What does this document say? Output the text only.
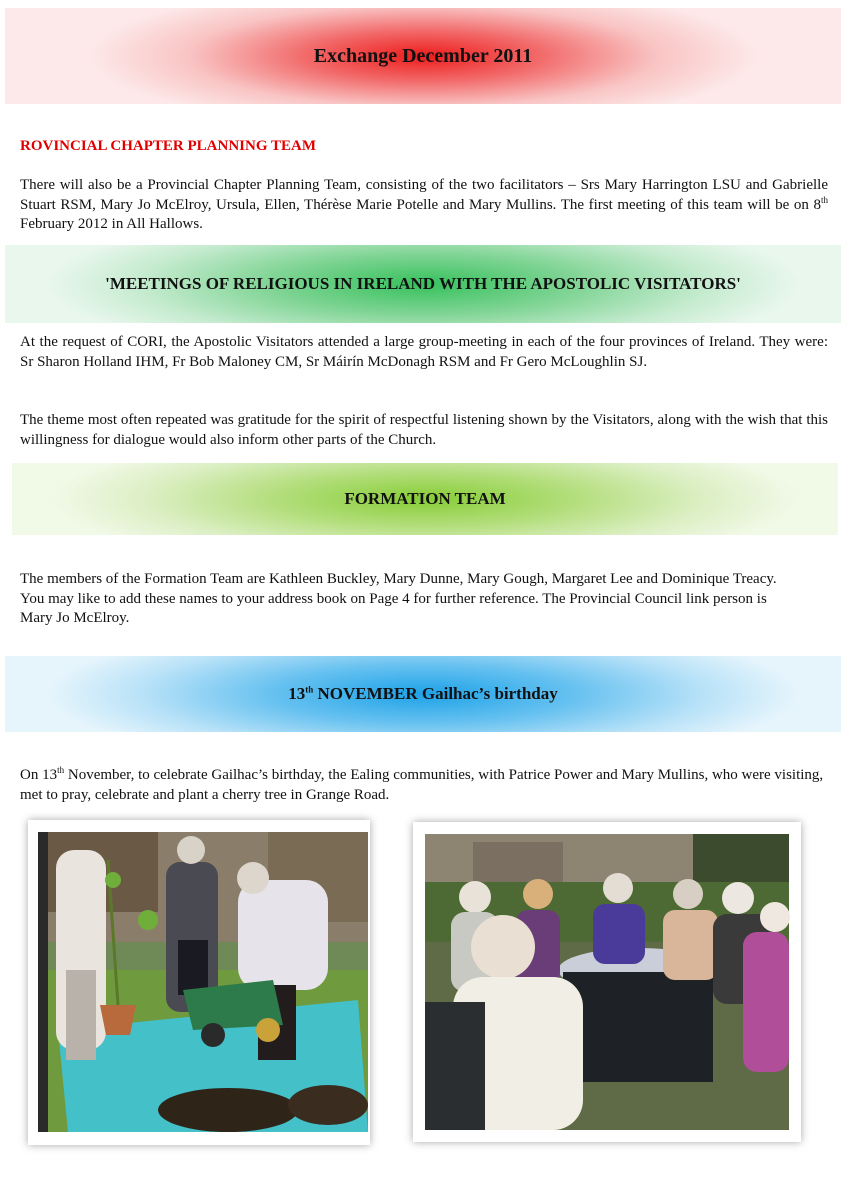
Exchange December 2011
ROVINCIAL CHAPTER PLANNING TEAM

There will also be a Provincial Chapter Planning Team, consisting of the two facilitators – Srs Mary Harrington LSU and Gabrielle Stuart RSM, Mary Jo McElroy, Ursula, Ellen, Thérèse Marie Potelle and Mary Mullins. The first meeting of this team will be on 8th February 2012 in All Hallows.

'MEETINGS OF RELIGIOUS IN IRELAND WITH THE APOSTOLIC VISITATORS'

At the request of CORI, the Apostolic Visitators attended a large group-meeting in each of the four provinces of Ireland. They were: Sr Sharon Holland IHM, Fr Bob Maloney CM, Sr Máirín McDonagh RSM and Fr Gero McLoughlin SJ.

The theme most often repeated was gratitude for the spirit of respectful listening shown by the Visitators, along with the wish that this willingness for dialogue would also inform other parts of the Church.

FORMATION TEAM

The members of the Formation Team are Kathleen Buckley, Mary Dunne, Mary Gough, Margaret Lee and Dominique Treacy. You may like to add these names to your address book on Page 4 for further reference. The Provincial Council link person is Mary Jo McElroy.

13th NOVEMBER Gailhac’s birthday

On 13th November, to celebrate Gailhac’s birthday, the Ealing communities, with Patrice Power and Mary Mullins, who were visiting, met to pray, celebrate and plant a cherry tree in Grange Road.
